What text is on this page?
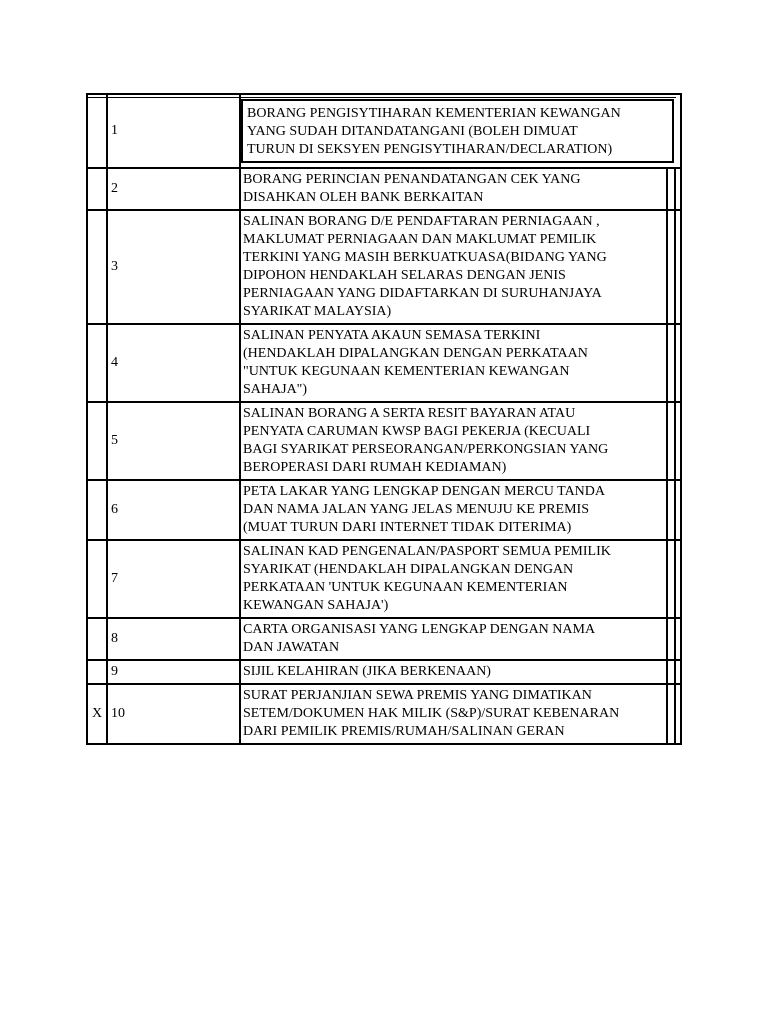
1
BORANG PENGISYTIHARAN KEMENTERIAN KEWANGAN
YANG SUDAH DITANDATANGANI (BOLEH DIMUAT
TURUN DI SEKSYEN PENGISYTIHARAN/DECLARATION)
2
BORANG PERINCIAN PENANDATANGAN CEK YANG
DISAHKAN OLEH BANK BERKAITAN
3
SALINAN BORANG D/E PENDAFTARAN PERNIAGAAN ,
MAKLUMAT PERNIAGAAN DAN MAKLUMAT PEMILIK
TERKINI YANG MASIH BERKUATKUASA(BIDANG YANG
DIPOHON HENDAKLAH SELARAS DENGAN JENIS
PERNIAGAAN YANG DIDAFTARKAN DI SURUHANJAYA
SYARIKAT MALAYSIA)
4
SALINAN PENYATA AKAUN SEMASA TERKINI
(HENDAKLAH DIPALANGKAN DENGAN PERKATAAN
"UNTUK KEGUNAAN KEMENTERIAN KEWANGAN
SAHAJA")
5
SALINAN BORANG A SERTA RESIT BAYARAN ATAU
PENYATA CARUMAN KWSP BAGI PEKERJA (KECUALI
BAGI SYARIKAT PERSEORANGAN/PERKONGSIAN YANG
BEROPERASI DARI RUMAH KEDIAMAN)
6
PETA LAKAR YANG LENGKAP DENGAN MERCU TANDA
DAN NAMA JALAN YANG JELAS MENUJU KE PREMIS
(MUAT TURUN DARI INTERNET TIDAK DITERIMA)
7
SALINAN KAD PENGENALAN/PASPORT SEMUA PEMILIK
SYARIKAT (HENDAKLAH DIPALANGKAN DENGAN
PERKATAAN 'UNTUK KEGUNAAN KEMENTERIAN
KEWANGAN SAHAJA')
8
CARTA ORGANISASI YANG LENGKAP DENGAN NAMA
DAN JAWATAN
9	SIJIL KELAHIRAN (JIKA BERKENAAN)
X 10
SURAT PERJANJIAN SEWA PREMIS YANG DIMATIKAN
SETEM/DOKUMEN HAK MILIK (S&P)/SURAT KEBENARAN
DARI PEMILIK PREMIS/RUMAH/SALINAN GERAN
